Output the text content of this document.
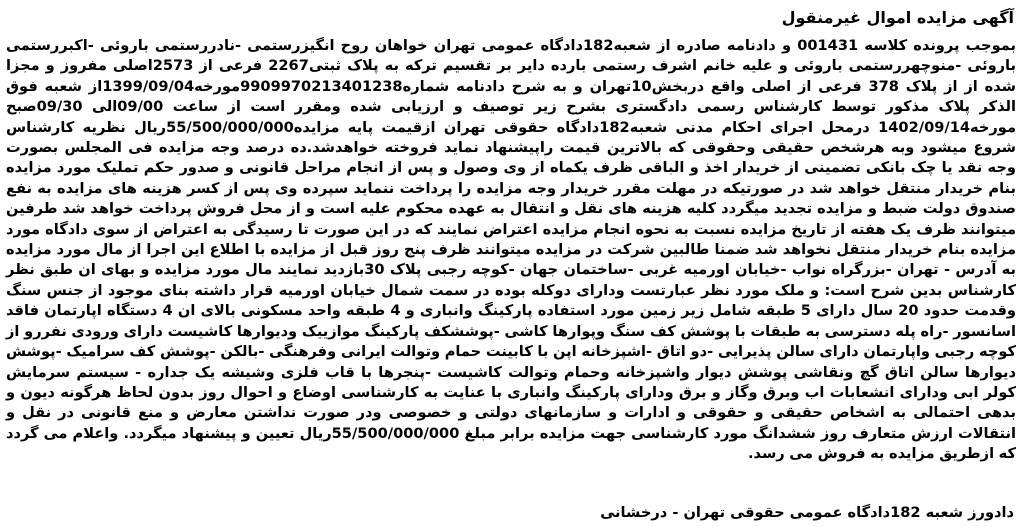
آگهی مزایده اموال غیرمنقول

بموجب پرونده کلاسه 001431 و دادنامه صادره از شعبه182دادگاه عمومی تهران خواهان روح انگیزرستمی -نادررستمی باروئی -اکبررستمی باروئی -منوچهررستمی باروئی و علیه خانم اشرف رستمی بارده دایر بر تقسیم ترکه به پلاک ثبتی2267 فرعی از 2573اصلی مفروز و مجزا شده از از پلاک 378 فرعی از اصلی واقع دربخش10تهران و به شرح دادنامه شماره9909970213401238مورخه1399/09/04از شعبه فوق الذکر پلاک مذکور توسط کارشناس رسمی دادگستری بشرح زیر توصیف و ارزیابی شده ومقرر است از ساعت 09/00الی 09/30صبح مورخه1402/09/14 درمحل اجرای احکام مدنی شعبه182دادگاه حقوقی تهران ازقیمت پایه مزایده55/500/000/000ریال نظریه کارشناس شروع میشود وبه هرشخص حقیقی وحقوقی که بالاترین قیمت راپیشنهاد نماید فروخته خواهدشد.ده درصد وجه مزایده فی المجلس بصورت وجه نقد یا چک بانکی تضمینی از خریدار اخذ و الباقی ظرف یکماه از وی وصول و پس از انجام مراحل قانونی و صدور حکم تملیک مورد مزایده بنام خریدار منتقل خواهد شد در صورتیکه در مهلت مقرر خریدار وجه مزایده را پرداخت ننماید سپرده وی پس از کسر هزینه های مزایده به نفع صندوق دولت ضبط و مزایده تجدید میگردد کلیه هزینه های نقل و انتقال به عهده محکوم علیه است و از محل فروش پرداخت خواهد شد طرفین میتوانند ظرف یک هفته از تاریخ مزایده نسبت به نحوه انجام مزایده اعتراض نمایند که در این صورت تا رسیدگی به اعتراض از سوی دادگاه مورد مزایده بنام خریدار منتقل نخواهد شد ضمنا طالبین شرکت در مزایده میتوانند ظرف پنج روز قبل از مزایده با اطلاع این اجرا از مال مورد مزایده به آدرس - تهران -بزرگراه نواب -خیابان اورمیه غربی -ساختمان جهان -کوچه رجبی پلاک 30بازدید نمایند مال مورد مزایده و بهای ان طبق نظر کارشناس بدین شرح است: و ملک مورد نظر عبارتست ودارای دوکله بوده در سمت شمال خیابان اورمیه قرار داشته بنای موجود از جنس سنگ وقدمت حدود 20 سال دارای 5 طبقه شامل زیر زمین مورد استفاده پارکینگ وانباری و 4 طبقه واحد مسکونی بالای ان 4 دستگاه اپارتمان فاقد اسانسور -راه پله دسترسی به طبقات با پوشش کف سنگ وپوارها کاشی -پوششکف پارکینگ موازییک ودیوارها کاشیست دارای ورودی نفررو از کوچه رجبی واپارتمان دارای سالن پذیرایی -دو اتاق -اشپزخانه اپن با کابینت حمام وتوالت ایرانی وفرهنگی -بالکن -پوشش کف سرامیک -پوشش دیوارها سالن اتاق گچ ونقاشی پوشش دیوار واشپزخانه وحمام وتوالت کاشیست -پنجرها با قاب فلزی وشیشه یک جداره - سیستم سرمایش کولر ابی ودارای انشعابات اب وبرق وگاز و برق ودارای پارکینگ وانباری با عنایت به کارشناسی اوضاع و احوال روز بدون لحاظ هرگونه دیون و بدهی احتمالی به اشخاص حقیقی و حقوقی و ادارات و سازمانهای دولتی و خصوصی ودر صورت نداشتن معارض و منع قانونی در نقل و انتقالات ارزش متعارف روز ششدانگ مورد کارشناسی جهت مزایده برابر مبلغ 55/500/000/000ریال تعیین و پیشنهاد میگردد. واعلام می گردد که ازطریق مزایده به فروش می رسد.

دادورز شعبه 182دادگاه عمومی حقوقی تهران - درخشانی
